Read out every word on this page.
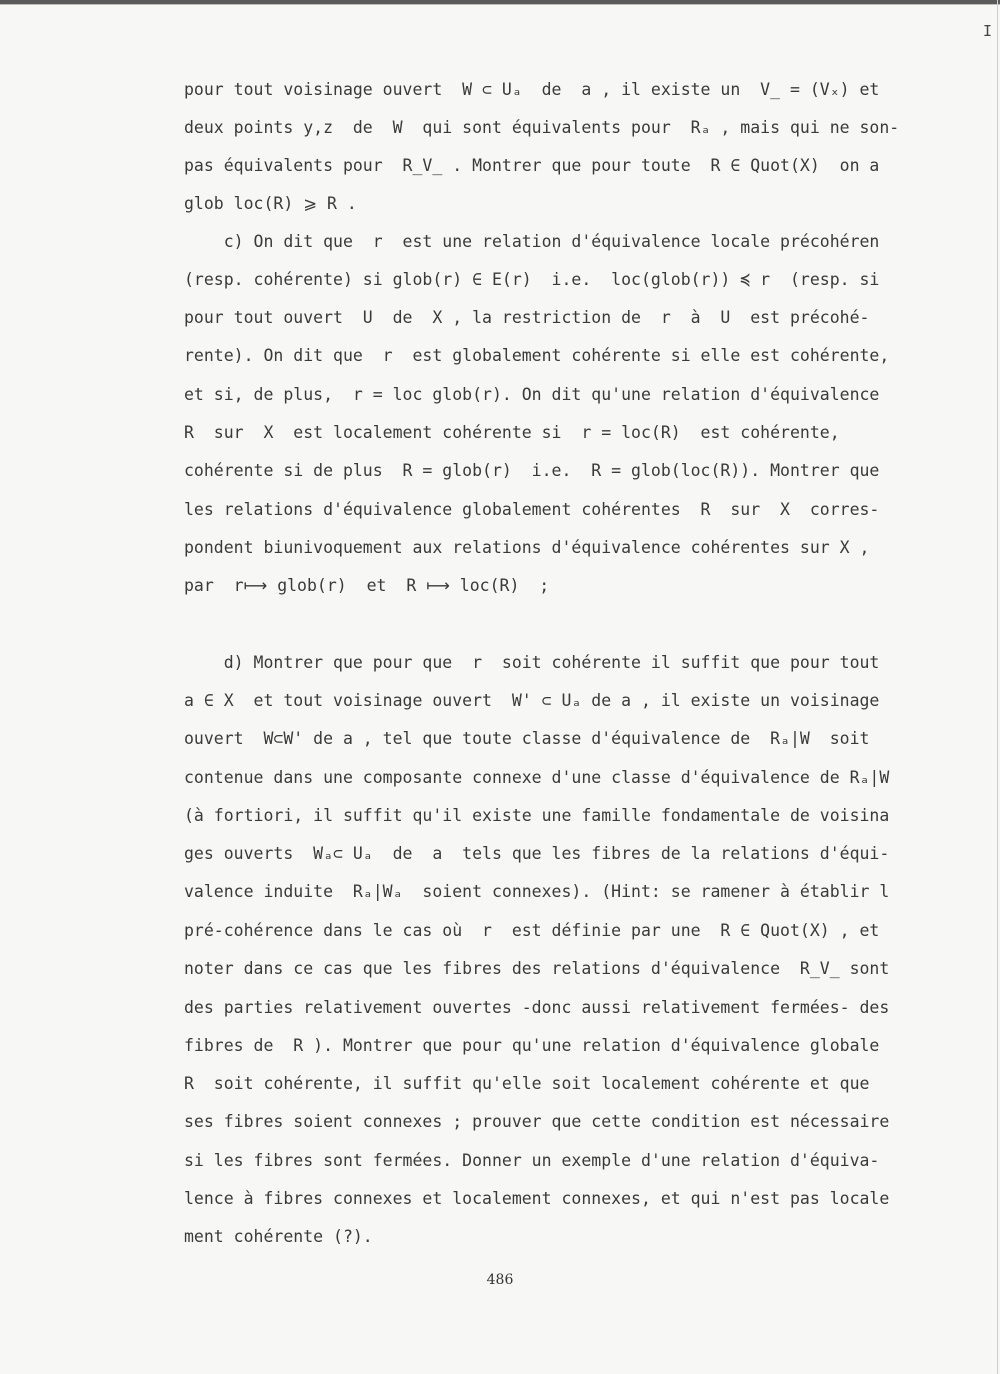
I
pour tout voisinage ouvert  W ⊂ Uₐ  de  a , il existe un  V̲ = (Vₓ) et
deux points y,z  de  W  qui sont équivalents pour  Rₐ , mais qui ne son-
pas équivalents pour  R_V̲ . Montrer que pour toute  R ∈ Quot(X)  on a
glob loc(R) ⩾ R .
c) On dit que  r  est une relation d'équivalence locale précohéren
(resp. cohérente) si glob(r) ∈ E(r)  i.e.  loc(glob(r)) ≼ r  (resp. si
pour tout ouvert  U  de  X , la restriction de  r  à  U  est précohé-
rente). On dit que  r  est globalement cohérente si elle est cohérente,
et si, de plus,  r = loc glob(r). On dit qu'une relation d'équivalence
R  sur  X  est localement cohérente si  r = loc(R)  est cohérente,
cohérente si de plus  R = glob(r)  i.e.  R = glob(loc(R)). Montrer que
les relations d'équivalence globalement cohérentes  R  sur  X  corres-
pondent biunivoquement aux relations d'équivalence cohérentes sur X ,
par  r⟼ glob(r)  et  R ⟼ loc(R)  ;
d) Montrer que pour que  r  soit cohérente il suffit que pour tout
a ∈ X  et tout voisinage ouvert  W' ⊂ Uₐ de a , il existe un voisinage
ouvert  W⊂W' de a , tel que toute classe d'équivalence de  Rₐ|W  soit
contenue dans une composante connexe d'une classe d'équivalence de Rₐ|W
(à fortiori, il suffit qu'il existe une famille fondamentale de voisina
ges ouverts  Wₐ⊂ Uₐ  de  a  tels que les fibres de la relations d'équi-
valence induite  Rₐ|Wₐ  soient connexes). (Hint: se ramener à établir l
pré-cohérence dans le cas où  r  est définie par une  R ∈ Quot(X) , et
noter dans ce cas que les fibres des relations d'équivalence  R_V̲ sont
des parties relativement ouvertes -donc aussi relativement fermées- des
fibres de  R ). Montrer que pour qu'une relation d'équivalence globale
R  soit cohérente, il suffit qu'elle soit localement cohérente et que
ses fibres soient connexes ; prouver que cette condition est nécessaire
si les fibres sont fermées. Donner un exemple d'une relation d'équiva-
lence à fibres connexes et localement connexes, et qui n'est pas locale
ment cohérente (?).
486
